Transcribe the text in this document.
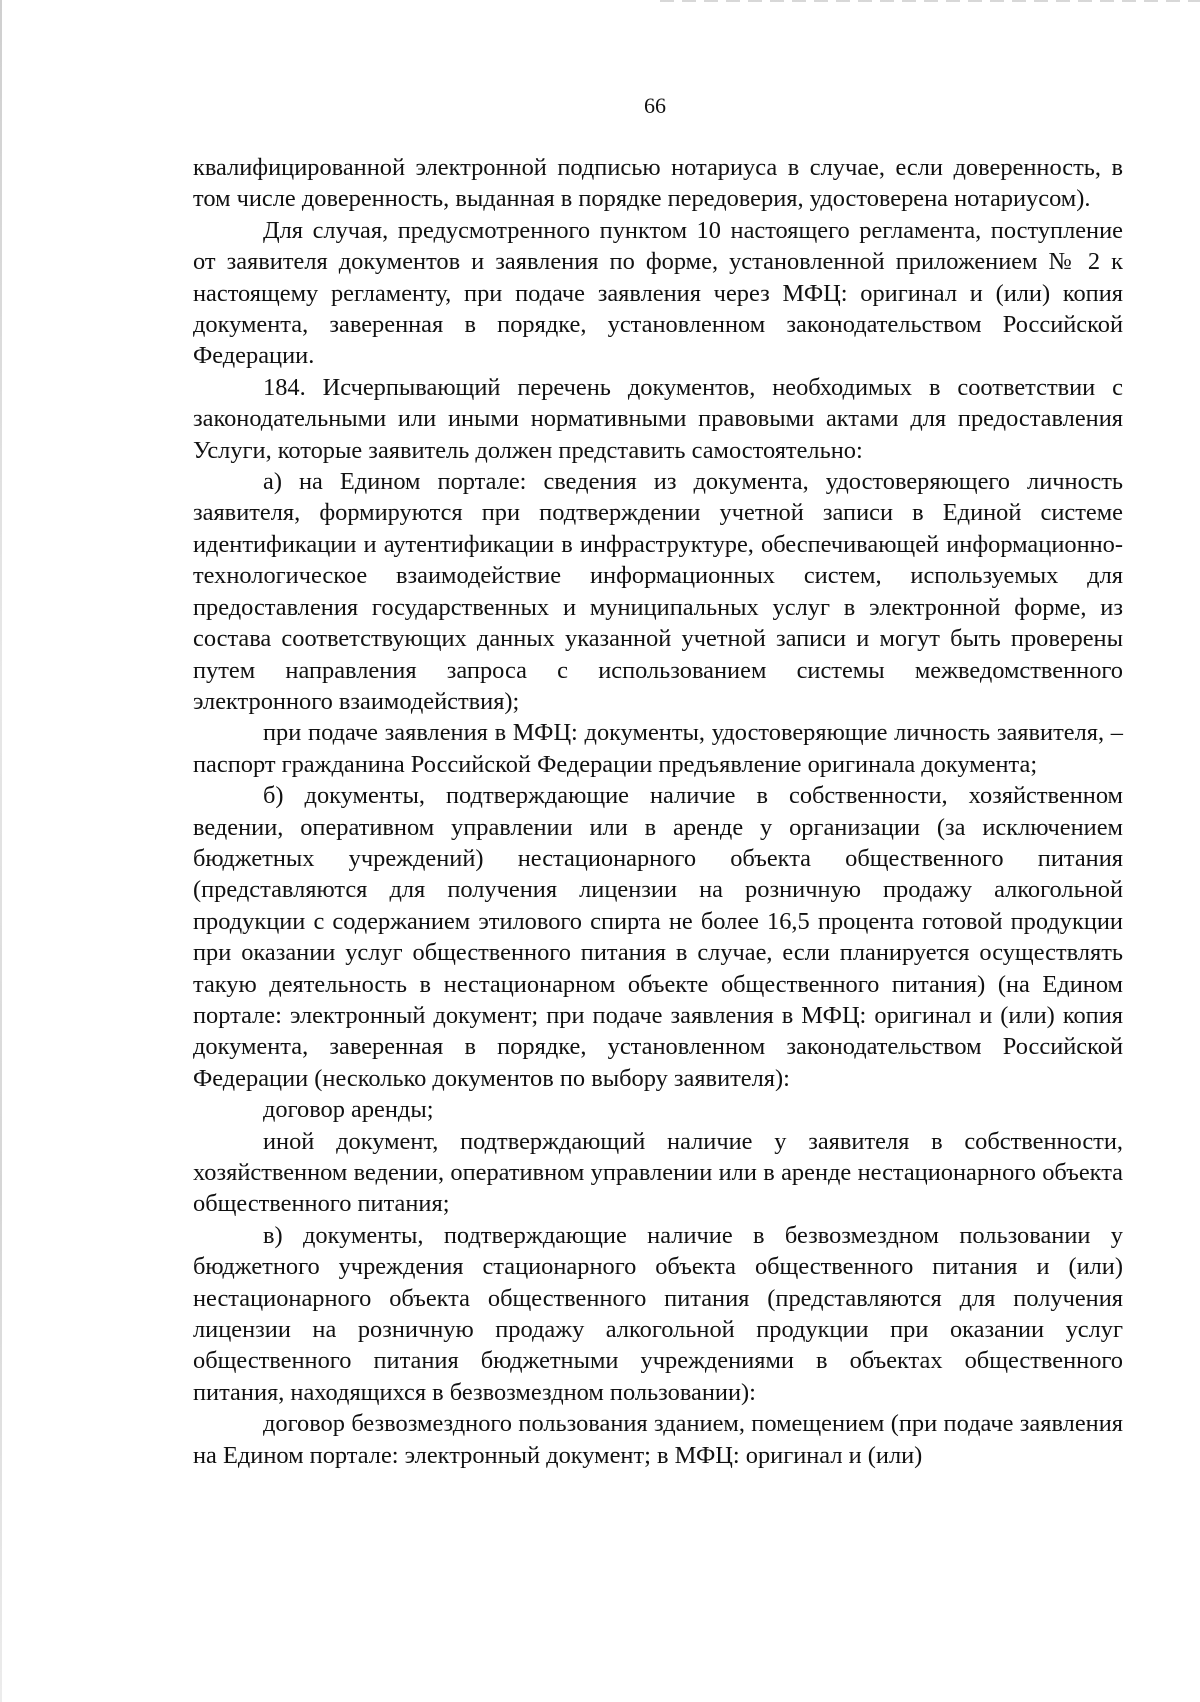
66

квалифицированной электронной подписью нотариуса в случае, если доверенность, в том числе доверенность, выданная в порядке передоверия, удостоверена нотариусом).

Для случая, предусмотренного пунктом 10 настоящего регламента, поступление от заявителя документов и заявления по форме, установленной приложением № 2 к настоящему регламенту, при подаче заявления через МФЦ: оригинал и (или) копия документа, заверенная в порядке, установленном законодательством Российской Федерации.

184. Исчерпывающий перечень документов, необходимых в соответствии с законодательными или иными нормативными правовыми актами для предоставления Услуги, которые заявитель должен представить самостоятельно:

а) на Едином портале: сведения из документа, удостоверяющего личность заявителя, формируются при подтверждении учетной записи в Единой системе идентификации и аутентификации в инфраструктуре, обеспечивающей информационно-технологическое взаимодействие информационных систем, используемых для предоставления государственных и муниципальных услуг в электронной форме, из состава соответствующих данных указанной учетной записи и могут быть проверены путем направления запроса с использованием системы межведомственного электронного взаимодействия);

при подаче заявления в МФЦ: документы, удостоверяющие личность заявителя, – паспорт гражданина Российской Федерации предъявление оригинала документа;

б) документы, подтверждающие наличие в собственности, хозяйственном ведении, оперативном управлении или в аренде у организации (за исключением бюджетных учреждений) нестационарного объекта общественного питания (представляются для получения лицензии на розничную продажу алкогольной продукции с содержанием этилового спирта не более 16,5 процента готовой продукции при оказании услуг общественного питания в случае, если планируется осуществлять такую деятельность в нестационарном объекте общественного питания) (на Едином портале: электронный документ; при подаче заявления в МФЦ: оригинал и (или) копия документа, заверенная в порядке, установленном законодательством Российской Федерации (несколько документов по выбору заявителя):

договор аренды;

иной документ, подтверждающий наличие у заявителя в собственности, хозяйственном ведении, оперативном управлении или в аренде нестационарного объекта общественного питания;

в) документы, подтверждающие наличие в безвозмездном пользовании у бюджетного учреждения стационарного объекта общественного питания и (или) нестационарного объекта общественного питания (представляются для получения лицензии на розничную продажу алкогольной продукции при оказании услуг общественного питания бюджетными учреждениями в объектах общественного питания, находящихся в безвозмездном пользовании):

договор безвозмездного пользования зданием, помещением (при подаче заявления на Едином портале: электронный документ; в МФЦ: оригинал и (или)
